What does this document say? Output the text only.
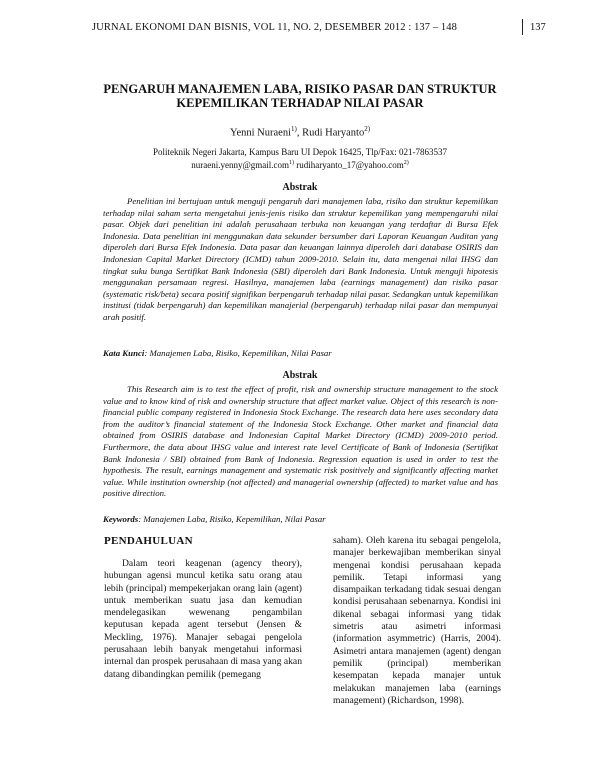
JURNAL EKONOMI DAN BISNIS, VOL 11, NO. 2, DESEMBER 2012 : 137 – 148	137
PENGARUH MANAJEMEN LABA, RISIKO PASAR DAN STRUKTUR
KEPEMILIKAN TERHADAP NILAI PASAR
Yenni Nuraeni$^{1)}$, Rudi Haryanto$^{2)}$
Politeknik Negeri Jakarta, Kampus Baru UI Depok 16425, Tlp/Fax: 021-7863537
nuraeni.yenny@gmail.com$^{1)}$ rudiharyanto_17@yahoo.com$^{2)}$
Abstrak
Penelitian ini bertujuan untuk menguji pengaruh dari manajemen laba, risiko dan struktur kepemilikan terhadap nilai saham serta mengetahui jenis-jenis risiko dan struktur kepemilikan yang mempengaruhi nilai pasar. Objek dari penelitian ini adalah perusahaan terbuka non keuangan yang terdaftar di Bursa Efek Indonesia. Data penelitian ini menggunakan data sekunder bersumber dari Laporan Keuangan Auditan yang diperoleh dari Bursa Efek Indonesia. Data pasar dan keuangan lainnya diperoleh dari database OSIRIS dan Indonesian Capital Market Directory (ICMD) tahun 2009-2010. Selain itu, data mengenai nilai IHSG dan tingkat suku bunga Sertifikat Bank Indonesia (SBI) diperoleh dari Bank Indonesia. Untuk menguji hipotesis menggunakan persamaan regresi. Hasilnya, manajemen laba (earnings management) dan risiko pasar (systematic risk/beta) secara positif signifikan berpengaruh terhadap nilai pasar. Sedangkan untuk kepemilikan institusi (tidak berpengaruh) dan kepemilikan manajerial (berpengaruh) terhadap nilai pasar dan mempunyai arah positif.
Kata Kunci: Manajemen Laba, Risiko, Kepemilikan, Nilai Pasar
Abstrak
This Research aim is to test the effect of profit, risk and ownership structure management to the stock value and to know kind of risk and ownership structure that affect market value. Object of this research is non-financial public company registered in Indonesia Stock Exchange. The research data here uses secondary data from the auditor’s financial statement of the Indonesia Stock Exchange. Other market and financial data obtained from OSIRIS database and Indonesian Capital Market Directory (ICMD) 2009-2010 period. Furthermore, the data about IHSG value and interest rate level Certificate of Bank of Indonesia (Sertifikat Bank Indonesia / SBI) obtained from Bank of Indonesia. Regression equation is used in order to test the hypothesis. The result, earnings management and systematic risk positively and significantly affecting market value. While institution ownership (not affected) and managerial ownership (affected) to market value and has positive direction.
Keywords: Manajemen Laba, Risiko, Kepemilikan, Nilai Pasar
PENDAHULUAN
Dalam teori keagenan (agency theory), hubungan agensi muncul ketika satu orang atau lebih (principal) mempekerjakan orang lain (agent) untuk memberikan suatu jasa dan kemudian mendelegasikan wewenang pengambilan keputusan kepada agent tersebut (Jensen & Meckling, 1976). Manajer sebagai pengelola perusahaan lebih banyak mengetahui informasi internal dan prospek perusahaan di masa yang akan datang dibandingkan pemilik (pemegang
saham). Oleh karena itu sebagai pengelola, manajer berkewajiban memberikan sinyal mengenai kondisi perusahaan kepada pemilik. Tetapi informasi yang disampaikan terkadang tidak sesuai dengan kondisi perusahaan sebenarnya. Kondisi ini dikenal sebagai informasi yang tidak simetris atau asimetri informasi (information asymmetric) (Harris, 2004). Asimetri antara manajemen (agent) dengan pemilik (principal) memberikan kesempatan kepada manajer untuk melakukan manajemen laba (earnings management) (Richardson, 1998).
